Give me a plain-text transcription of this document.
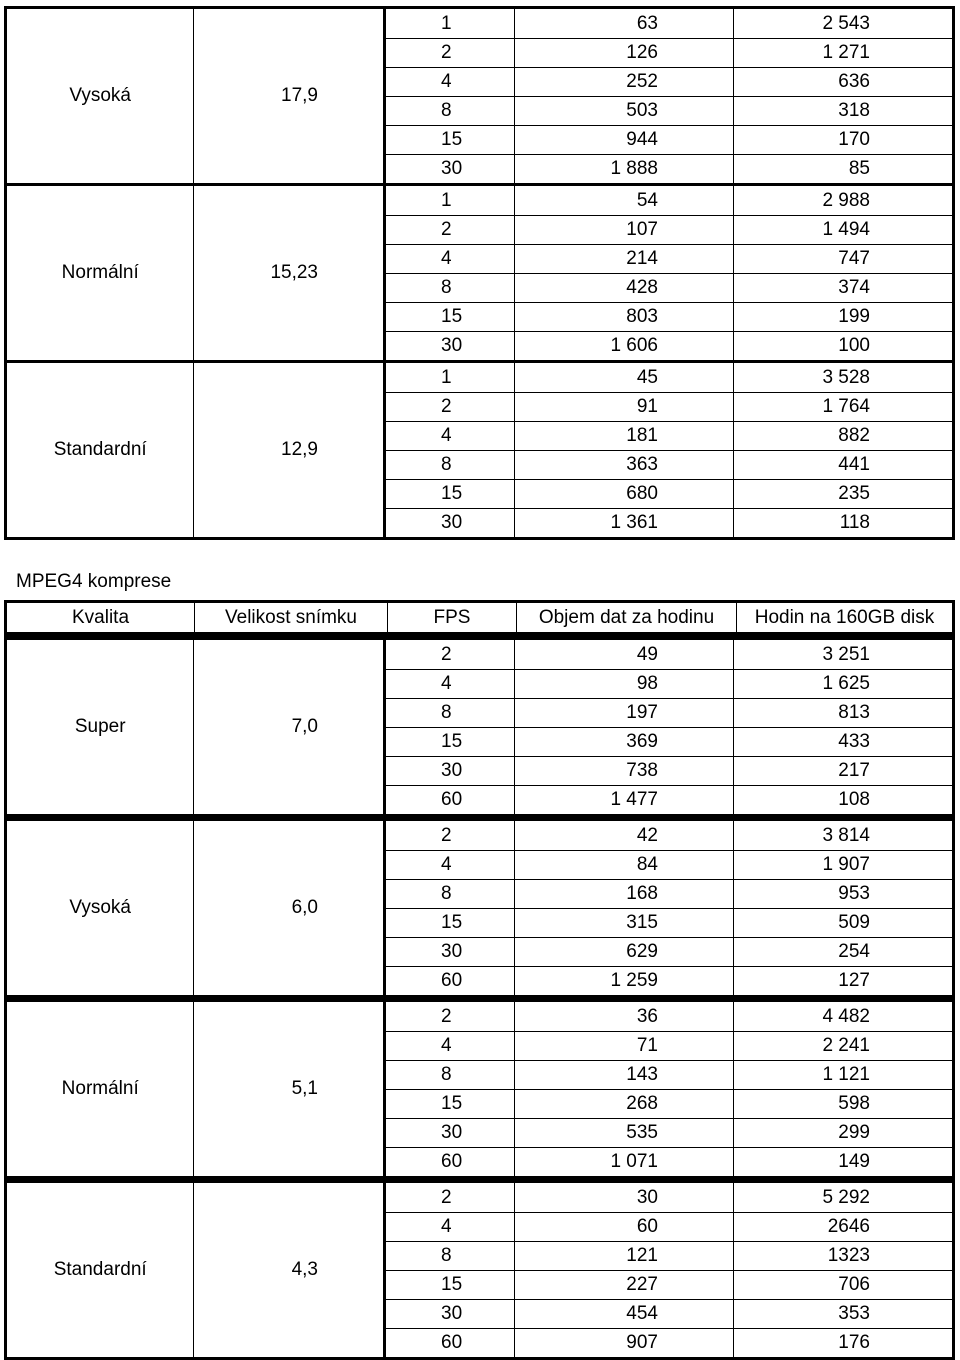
Vysoká	17,9
1	63	2 543
2	126	1 271
4	252	636
8	503	318
15	944	170
30	1 888	85
Normální	15,23
1	54	2 988
2	107	1 494
4	214	747
8	428	374
15	803	199
30	1 606	100
Standardní	12,9
1	45	3 528
2	91	1 764
4	181	882
8	363	441
15	680	235
30	1 361	118
MPEG4 komprese
Kvalita	Velikost snímku	FPS	Objem dat za hodinu	Hodin na 160GB disk
Super	7,0
2	49	3 251
4	98	1 625
8	197	813
15	369	433
30	738	217
60	1 477	108
Vysoká	6,0
2	42	3 814
4	84	1 907
8	168	953
15	315	509
30	629	254
60	1 259	127
Normální	5,1
2	36	4 482
4	71	2 241
8	143	1 121
15	268	598
30	535	299
60	1 071	149
Standardní	4,3
2	30	5 292
4	60	2646
8	121	1323
15	227	706
30	454	353
60	907	176
